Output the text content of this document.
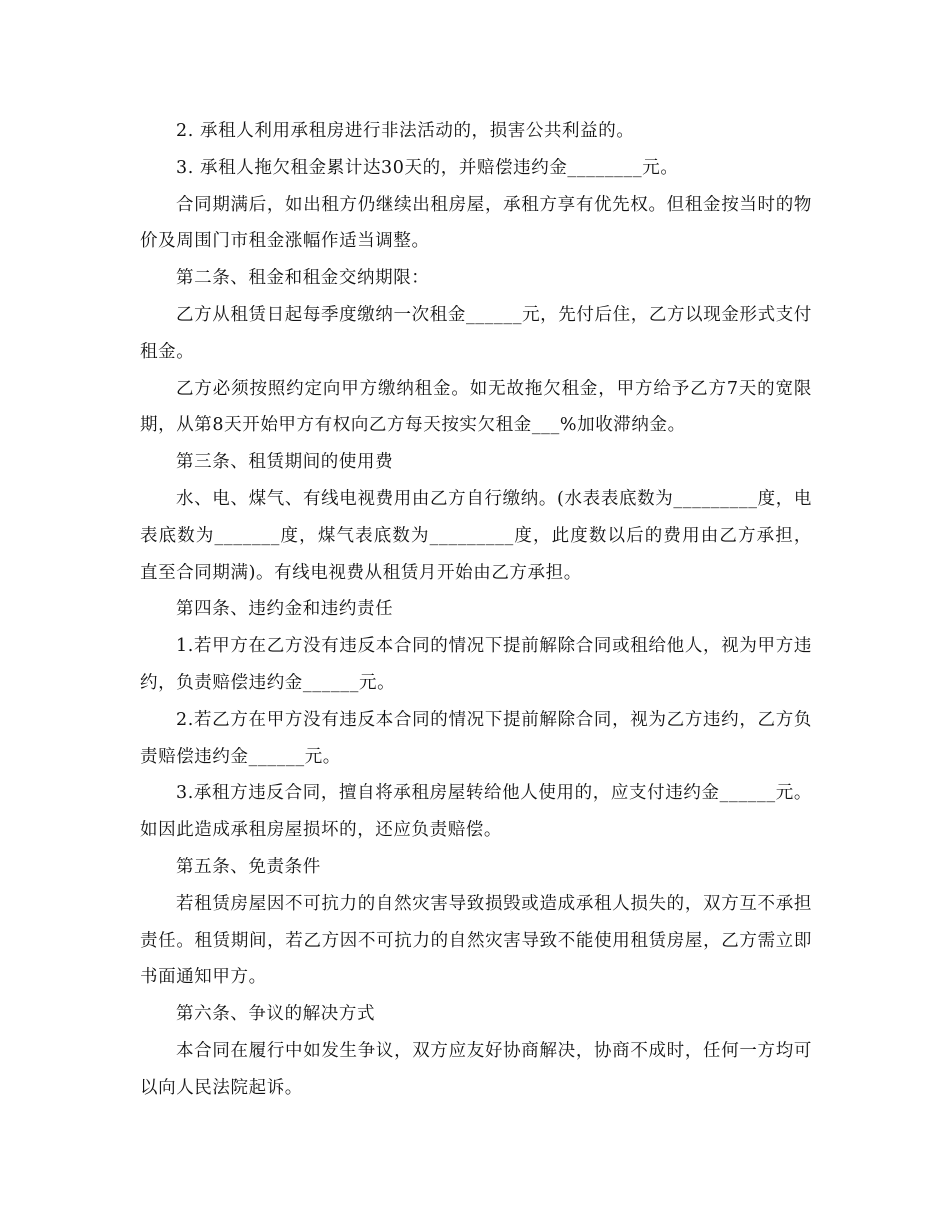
2. 承租人利用承租房进行非法活动的，损害公共利益的。

3. 承租人拖欠租金累计达30天的，并赔偿违约金________元。

合同期满后，如出租方仍继续出租房屋，承租方享有优先权。但租金按当时的物价及周围门市租金涨幅作适当调整。

第二条、租金和租金交纳期限：

乙方从租赁日起每季度缴纳一次租金______元，先付后住，乙方以现金形式支付租金。

乙方必须按照约定向甲方缴纳租金。如无故拖欠租金，甲方给予乙方7天的宽限期，从第8天开始甲方有权向乙方每天按实欠租金___%加收滞纳金。

第三条、租赁期间的使用费

水、电、煤气、有线电视费用由乙方自行缴纳。(水表表底数为_________度，电表底数为_______度，煤气表底数为_________度，此度数以后的费用由乙方承担，直至合同期满)。有线电视费从租赁月开始由乙方承担。

第四条、违约金和违约责任

1.若甲方在乙方没有违反本合同的情况下提前解除合同或租给他人，视为甲方违约，负责赔偿违约金______元。

2.若乙方在甲方没有违反本合同的情况下提前解除合同，视为乙方违约，乙方负责赔偿违约金______元。

3.承租方违反合同，擅自将承租房屋转给他人使用的，应支付违约金______元。如因此造成承租房屋损坏的，还应负责赔偿。

第五条、免责条件

若租赁房屋因不可抗力的自然灾害导致损毁或造成承租人损失的，双方互不承担责任。租赁期间，若乙方因不可抗力的自然灾害导致不能使用租赁房屋，乙方需立即书面通知甲方。

第六条、争议的解决方式

本合同在履行中如发生争议，双方应友好协商解决，协商不成时，任何一方均可以向人民法院起诉。
